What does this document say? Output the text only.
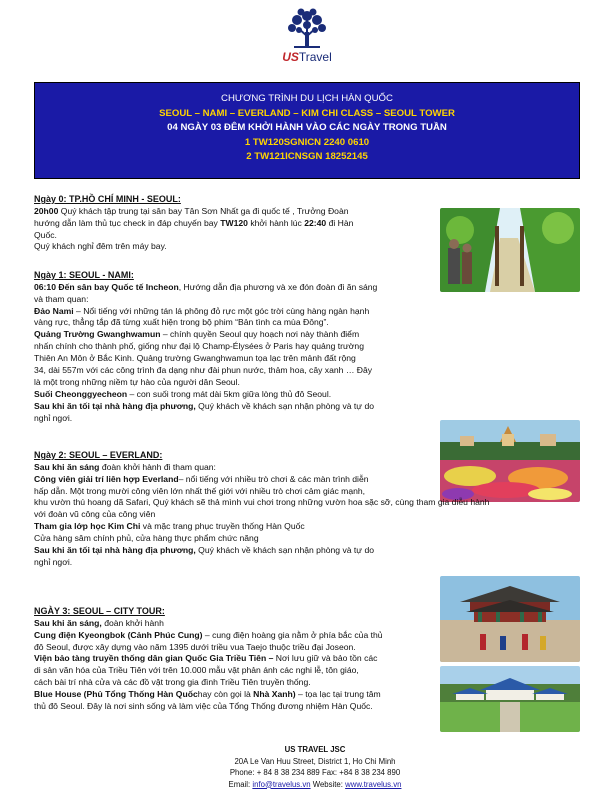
USTravel
CHƯƠNG TRÌNH DU LỊCH HÀN QUỐC
SEOUL – NAMI – EVERLAND – KIM CHI CLASS – SEOUL TOWER
04 NGÀY 03 ĐÊM KHỞI HÀNH VÀO CÁC NGÀY TRONG TUẦN
1 TW120SGNICN 2240 0610
2 TW121ICNSGN 18252145
Ngày 0: TP.HỒ CHÍ MINH - SEOUL:

20h00 Quý khách tập trung tại sân bay Tân Sơn Nhất ga đi quốc tế , Trưởng Đoàn

hướng dẫn làm thủ tục check in đáp chuyến bay TW120 khởi hành lúc 22:40 đi Hàn

Quốc.

Quý khách nghỉ đêm trên máy bay.

Ngày 1: SEOUL - NAMI:

06:10 Đến sân bay Quốc tế Incheon, Hướng dẫn địa phương và xe đón đoàn đi ăn sáng

và tham quan:

Đảo Nami – Nổi tiếng với những tán lá phông đỏ rực một góc trời cùng hàng ngàn hạnh

vàng rực, thẳng tắp đã từng xuất hiện trong bộ phim “Bản tình ca mùa Đông”.

Quảng Trường Gwanghwamun – chính quyền Seoul quy hoạch nơi này thành điểm

nhấn chính cho thành phố, giống như đại lộ Champ-Élysées ở Paris hay quảng trường

Thiên An Môn ở Bắc Kinh. Quảng trường Gwanghwamun tọa lạc trên mảnh đất rộng

34, dài 557m với các công trình đa dạng như đài phun nước, thảm hoa, cây xanh … Đây

là một trong những niềm tự hào của người dân Seoul.

Suối Cheonggyecheon – con suối trong mát dài 5km giữa lòng thủ đô Seoul.

Sau khi ăn tối tại nhà hàng địa phương, Quý khách về khách sạn nhận phòng và tự do

nghỉ ngơi.

Ngày 2: SEOUL – EVERLAND:

Sau khi ăn sáng đoàn khởi hành đi tham quan:

Công viên giải trí liên hợp Everland– nổi tiếng với nhiều trò chơi & các màn trình diễn

hấp dẫn. Một trong mười công viên lớn nhất thế giới với nhiều trò chơi cảm giác mạnh,

khu vườn thú hoang dã Safari, Quý khách sẽ thả mình vui chơi trong những vườn hoa sặc sỡ, cùng tham gia diễu hành

với đoàn vũ công của công viên

Tham gia lớp học Kim Chi và mặc trang phục truyền thống Hàn Quốc

Cửa hàng sâm chính phủ, cửa hàng thực phẩm chức năng

Sau khi ăn tối tại nhà hàng địa phương, Quý khách về khách sạn nhận phòng và tự do

nghỉ ngơi.

NGÀY 3: SEOUL – CITY TOUR:

Sau khi ăn sáng, đoàn khởi hành

Cung điện Kyeongbok (Cảnh Phúc Cung) – cung điện hoàng gia nằm ở phía bắc của thủ

đô Seoul, được xây dựng vào năm 1395 dưới triều vua Taejo thuộc triều đại Joseon.

Viện bảo tàng truyền thống dân gian Quốc Gia Triều Tiên – Nơi lưu giữ và bảo tồn các

di sản văn hóa của Triều Tiên với trên 10.000 mẫu vật phản ánh các nghi lễ, tôn giáo,

cách bài trí nhà cửa và các đồ vật trong gia đình Triều Tiên truyền thống.

Blue House (Phủ Tổng Thống Hàn Quốchay còn gọi là Nhà Xanh) – tọa lạc tại trung tâm

thủ đô Seoul. Đây là nơi sinh sống và làm việc của Tổng Thống đương nhiệm Hàn Quốc.

US TRAVEL JSC
20A Le Van Huu Street, District 1, Ho Chi Minh
Phone: + 84 8 38 234 889 Fax: +84 8 38 234 890
Email: info@travelus.vn Website: www.travelus.vn
